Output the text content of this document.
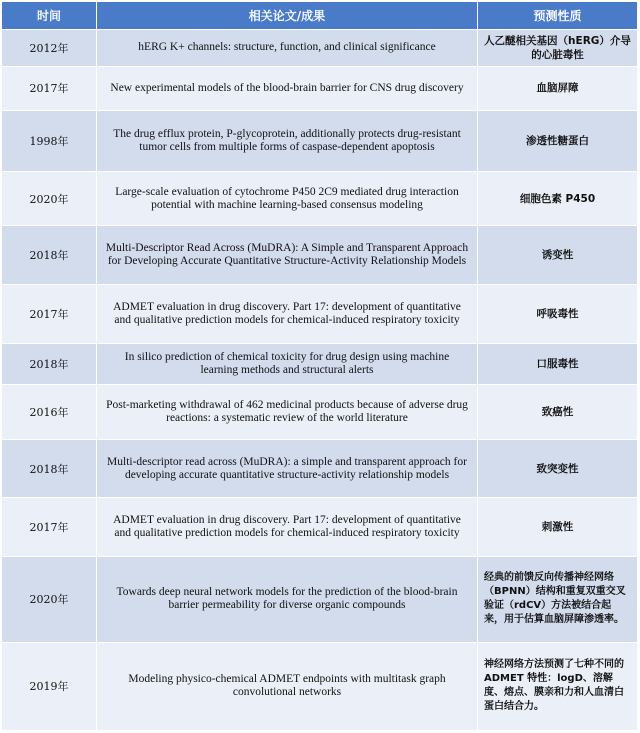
时间	相关论文/成果	预测性质
2012年	hERG K+ channels: structure, function, and clinical significance	人乙醚相关基因（hERG）介导的心脏毒性
2017年	New experimental models of the blood-brain barrier for CNS drug discovery	血脑屏障
1998年	The drug efflux protein, P-glycoprotein, additionally protects drug-resistant tumor cells from multiple forms of caspase-dependent apoptosis	渗透性糖蛋白
2020年	Large-scale evaluation of cytochrome P450 2C9 mediated drug interaction potential with machine learning-based consensus modeling	细胞色素 P450
2018年	Multi-Descriptor Read Across (MuDRA): A Simple and Transparent Approach for Developing Accurate Quantitative Structure-Activity Relationship Models	诱变性
2017年	ADMET evaluation in drug discovery. Part 17: development of quantitative and qualitative prediction models for chemical-induced respiratory toxicity	呼吸毒性
2018年	In silico prediction of chemical toxicity for drug design using machine learning methods and structural alerts	口服毒性
2016年	Post-marketing withdrawal of 462 medicinal products because of adverse drug reactions: a systematic review of the world literature	致癌性
2018年	Multi-descriptor read across (MuDRA): a simple and transparent approach for developing accurate quantitative structure-activity relationship models	致突变性
2017年	ADMET evaluation in drug discovery. Part 17: development of quantitative and qualitative prediction models for chemical-induced respiratory toxicity	刺激性
2020年	Towards deep neural network models for the prediction of the blood-brain barrier permeability for diverse organic compounds	经典的前馈反向传播神经网络（BPNN）结构和重复双重交叉验证（rdCV）方法被结合起来，用于估算血脑屏障渗透率。
2019年	Modeling physico-chemical ADMET endpoints with multitask graph convolutional networks	神经网络方法预测了七种不同的 ADMET 特性：logD、溶解度、熔点、膜亲和力和人血清白蛋白结合力。
